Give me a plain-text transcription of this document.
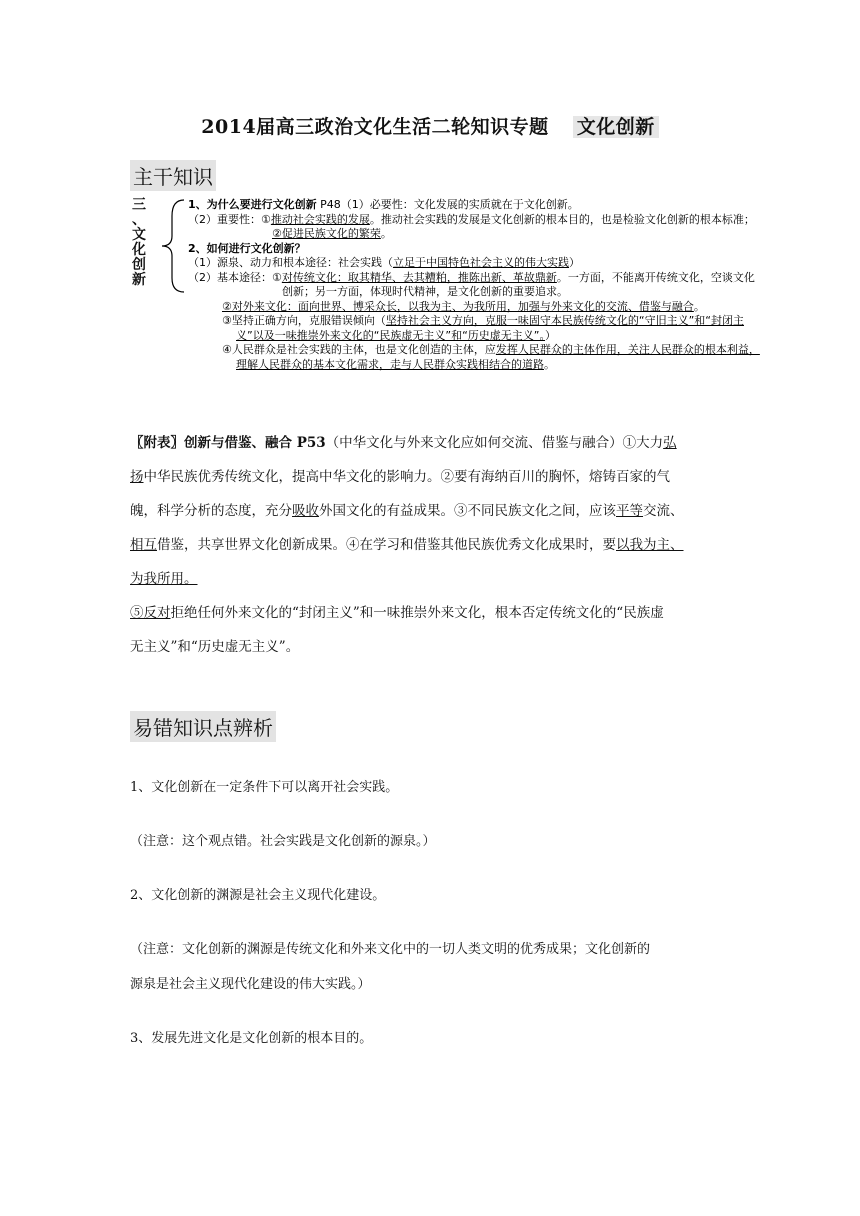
2014届高三政治文化生活二轮知识专题 文化创新
主干知识
三
、
文
化
创
新
1、为什么要进行文化创新 P48（1）必要性：文化发展的实质就在于文化创新。
（2）重要性：①推动社会实践的发展。推动社会实践的发展是文化创新的根本目的，也是检验文化创新的根本标准；
②促进民族文化的繁荣。
2、如何进行文化创新？
（1）源泉、动力和根本途径：社会实践（立足于中国特色社会主义的伟大实践）
（2）基本途径：①对传统文化：取其精华、去其糟粕，推陈出新、革故鼎新。一方面，不能离开传统文化，空谈文化
创新；另一方面，体现时代精神，是文化创新的重要追求。
②对外来文化：面向世界、博采众长，以我为主、为我所用，加强与外来文化的交流、借鉴与融合。
③坚持正确方向，克服错误倾向（坚持社会主义方向，克服一味固守本民族传统文化的“守旧主义”和“封闭主
义”以及一味推崇外来文化的“民族虚无主义”和“历史虚无主义”。）
④人民群众是社会实践的主体，也是文化创造的主体，应发挥人民群众的主体作用，关注人民群众的根本利益，
理解人民群众的基本文化需求，走与人民群众实践相结合的道路。
〖附表〗创新与借鉴、融合 P53（中华文化与外来文化应如何交流、借鉴与融合）①大力弘
扬中华民族优秀传统文化，提高中华文化的影响力。②要有海纳百川的胸怀，熔铸百家的气
魄，科学分析的态度，充分吸收外国文化的有益成果。③不同民族文化之间，应该平等交流、
相互借鉴，共享世界文化创新成果。④在学习和借鉴其他民族优秀文化成果时，要以我为主、
为我所用。
⑤反对拒绝任何外来文化的“封闭主义”和一味推崇外来文化，根本否定传统文化的“民族虚
无主义”和“历史虚无主义”。
易错知识点辨析
1、文化创新在一定条件下可以离开社会实践。
（注意：这个观点错。社会实践是文化创新的源泉。）
2、文化创新的渊源是社会主义现代化建设。
（注意：文化创新的渊源是传统文化和外来文化中的一切人类文明的优秀成果；文化创新的
源泉是社会主义现代化建设的伟大实践。）
3、发展先进文化是文化创新的根本目的。
